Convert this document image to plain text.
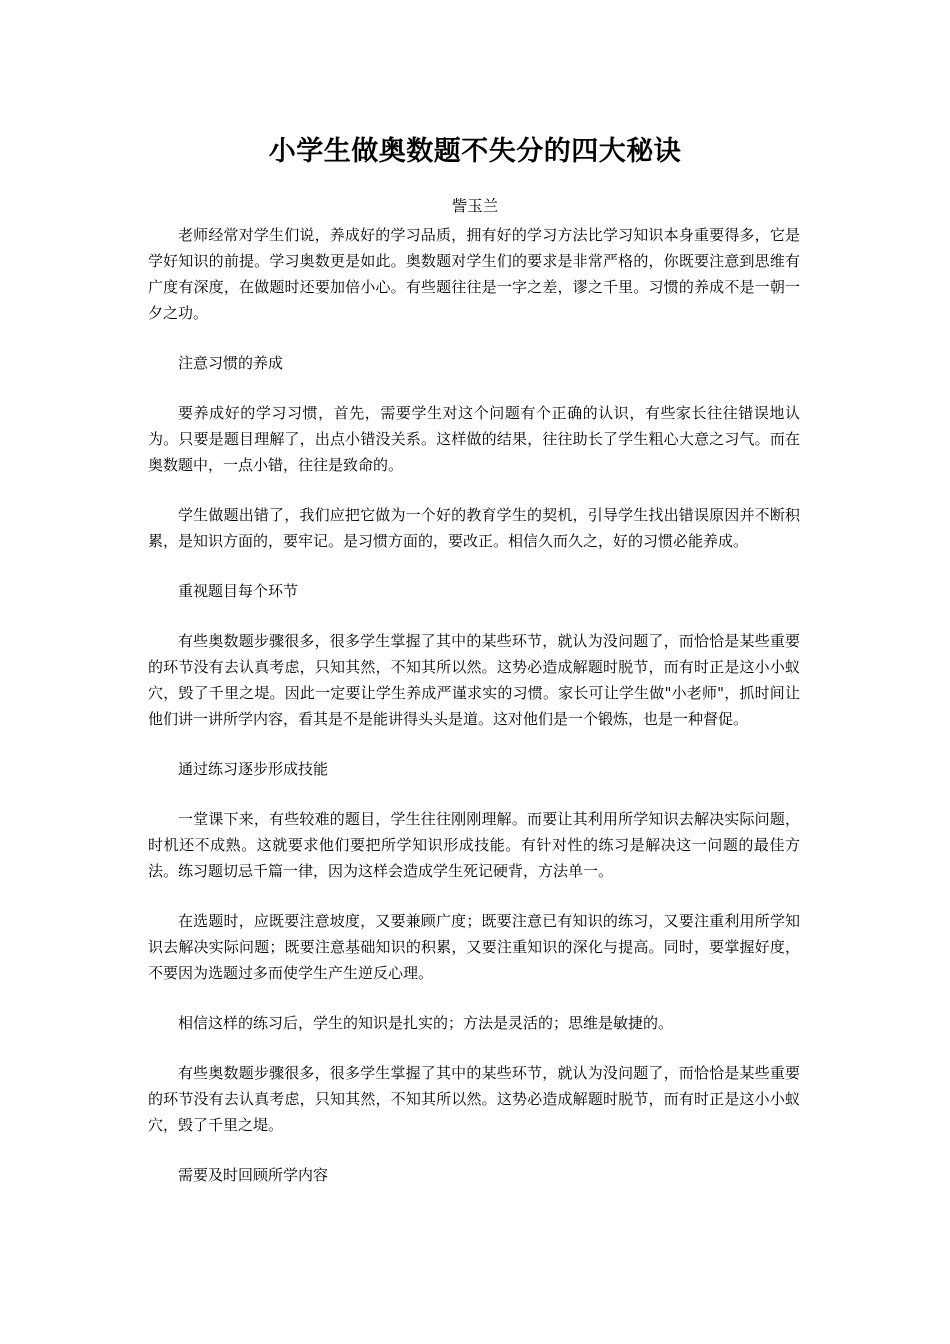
小学生做奥数题不失分的四大秘诀
訾玉兰

老师经常对学生们说，养成好的学习品质，拥有好的学习方法比学习知识本身重要得多，它是学好知识的前提。学习奥数更是如此。奥数题对学生们的要求是非常严格的，你既要注意到思维有广度有深度，在做题时还要加倍小心。有些题往往是一字之差，谬之千里。习惯的养成不是一朝一夕之功。

注意习惯的养成

要养成好的学习习惯，首先，需要学生对这个问题有个正确的认识，有些家长往往错误地认为。只要是题目理解了，出点小错没关系。这样做的结果，往往助长了学生粗心大意之习气。而在奥数题中，一点小错，往往是致命的。

学生做题出错了，我们应把它做为一个好的教育学生的契机，引导学生找出错误原因并不断积累，是知识方面的，要牢记。是习惯方面的，要改正。相信久而久之，好的习惯必能养成。

重视题目每个环节

有些奥数题步骤很多，很多学生掌握了其中的某些环节，就认为没问题了，而恰恰是某些重要的环节没有去认真考虑，只知其然，不知其所以然。这势必造成解题时脱节，而有时正是这小小蚁穴，毁了千里之堤。因此一定要让学生养成严谨求实的习惯。家长可让学生做"小老师"，抓时间让他们讲一讲所学内容，看其是不是能讲得头头是道。这对他们是一个锻炼，也是一种督促。

通过练习逐步形成技能

一堂课下来，有些较难的题目，学生往往刚刚理解。而要让其利用所学知识去解决实际问题，时机还不成熟。这就要求他们要把所学知识形成技能。有针对性的练习是解决这一问题的最佳方法。练习题切忌千篇一律，因为这样会造成学生死记硬背，方法单一。

在选题时，应既要注意坡度，又要兼顾广度；既要注意已有知识的练习，又要注重利用所学知识去解决实际问题；既要注意基础知识的积累，又要注重知识的深化与提高。同时，要掌握好度，不要因为选题过多而使学生产生逆反心理。

相信这样的练习后，学生的知识是扎实的；方法是灵活的；思维是敏捷的。

有些奥数题步骤很多，很多学生掌握了其中的某些环节，就认为没问题了，而恰恰是某些重要的环节没有去认真考虑，只知其然，不知其所以然。这势必造成解题时脱节，而有时正是这小小蚁穴，毁了千里之堤。

需要及时回顾所学内容
